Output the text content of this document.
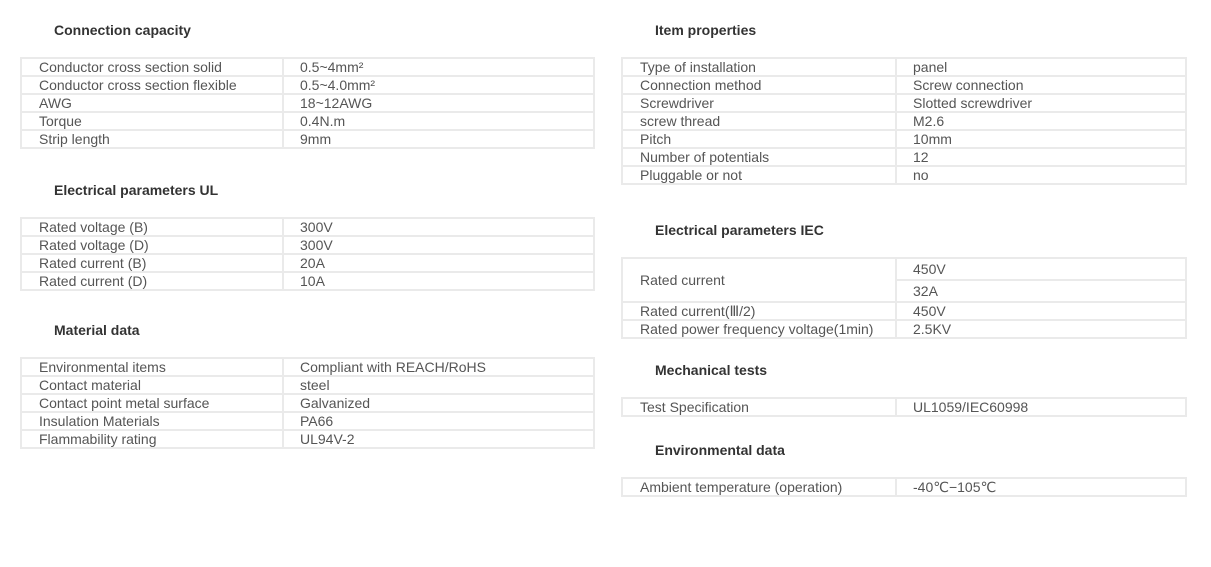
Connection capacity
Conductor cross section solid	0.5~4mm²
Conductor cross section flexible	0.5~4.0mm²
AWG	18~12AWG
Torque	0.4N.m
Strip length	9mm
Electrical parameters UL
Rated voltage (B)	300V
Rated voltage (D)	300V
Rated current (B)	20A
Rated current (D)	10A
Material data
Environmental items	Compliant with REACH/RoHS
Contact material	steel
Contact point metal surface	Galvanized
Insulation Materials	PA66
Flammability rating	UL94V-2
Item properties
Type of installation	panel
Connection method	Screw connection
Screwdriver	Slotted screwdriver
screw thread	M2.6
Pitch	10mm
Number of potentials	12
Pluggable or not	no
Electrical parameters IEC
Rated current	450V
32A

Rated current(Ⅲ/2)	450V
Rated power frequency voltage(1min)	2.5KV
Mechanical tests
Test Specification	UL1059/IEC60998
Environmental data
Ambient temperature (operation)	-40℃−105℃
